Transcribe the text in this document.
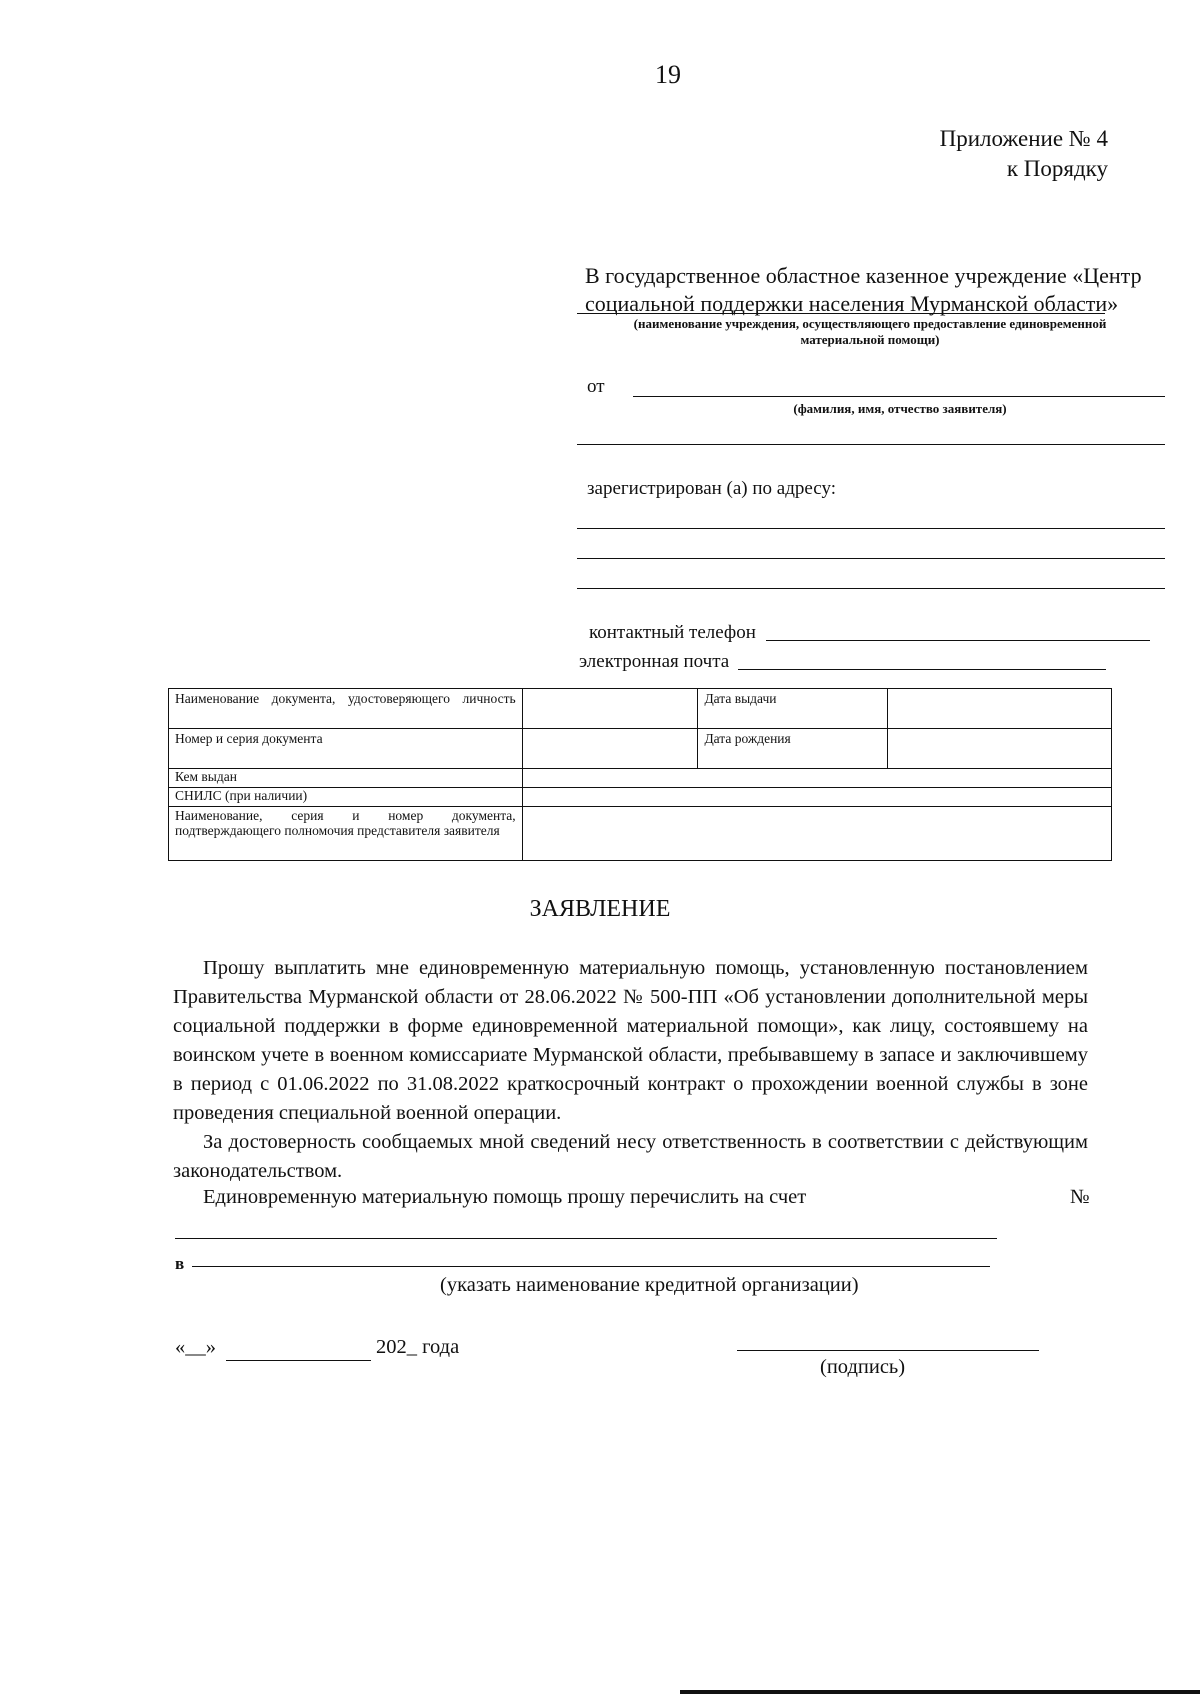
19
Приложение № 4
к Порядку
В государственное областное казенное учреждение «Центр
социальной поддержки населения Мурманской области»
(наименование учреждения, осуществляющего предоставление единовременной
материальной помощи)
от
(фамилия, имя, отчество заявителя)
зарегистрирован (а) по адресу:
контактный телефон
электронная почта
Наименование документа, удостоверяющего личность		Дата выдачи	
Номер и серия документа		Дата рождения	
Кем выдан			
СНИЛС (при наличии)			
Наименование, серия и номер документа, подтверждающего полномочия представителя заявителя			
ЗАЯВЛЕНИЕ
Прошу выплатить мне единовременную материальную помощь, установленную постановлением Правительства Мурманской области от 28.06.2022 № 500-ПП «Об установлении дополнительной меры социальной поддержки в форме единовременной материальной помощи», как лицу, состоявшему на воинском учете в военном комиссариате Мурманской области, пребывавшему в запасе и заключившему в период с 01.06.2022 по 31.08.2022 краткосрочный контракт о прохождении военной службы в зоне проведения специальной военной операции.
За достоверность сообщаемых мной сведений несу ответственность в соответствии с действующим законодательством.
Единовременную материальную помощь прошу перечислить на счет	№
в
(указать наименование кредитной организации)
«__»	202_ года
(подпись)
